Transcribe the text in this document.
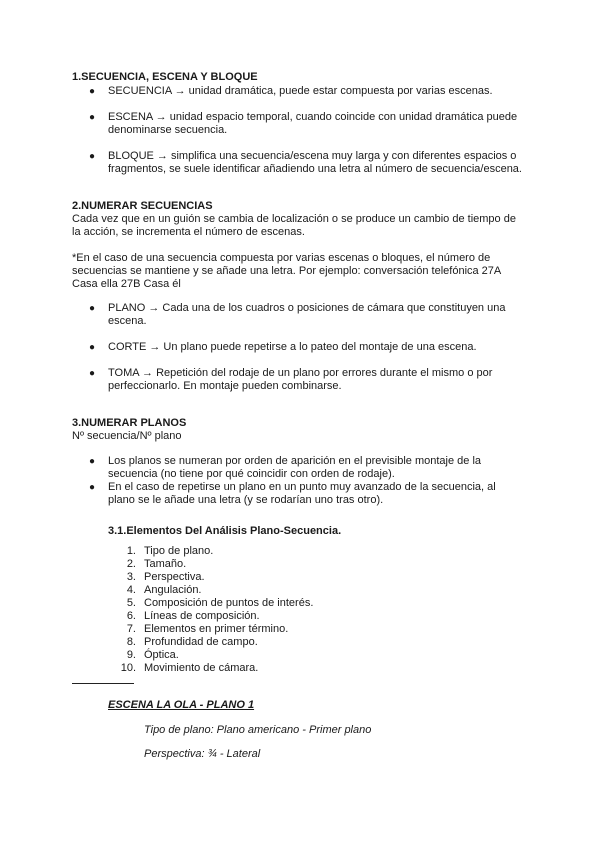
1.SECUENCIA, ESCENA Y BLOQUE
● SECUENCIA → unidad dramática, puede estar compuesta por varias escenas.
● ESCENA → unidad espacio temporal, cuando coincide con unidad dramática puede
denominarse secuencia.
● BLOQUE → simplifica una secuencia/escena muy larga y con diferentes espacios o
fragmentos, se suele identificar añadiendo una letra al número de secuencia/escena.
2.NUMERAR SECUENCIAS
Cada vez que en un guión se cambia de localización o se produce un cambio de tiempo de
la acción, se incrementa el número de escenas.
*En el caso de una secuencia compuesta por varias escenas o bloques, el número de
secuencias se mantiene y se añade una letra. Por ejemplo: conversación telefónica 27A
Casa ella 27B Casa él
● PLANO → Cada una de los cuadros o posiciones de cámara que constituyen una
escena.
● CORTE → Un plano puede repetirse a lo pateo del montaje de una escena.
● TOMA → Repetición del rodaje de un plano por errores durante el mismo o por
perfeccionarlo. En montaje pueden combinarse.
3.NUMERAR PLANOS
Nº secuencia/Nº plano
● Los planos se numeran por orden de aparición en el previsible montaje de la
secuencia (no tiene por qué coincidir con orden de rodaje).
● En el caso de repetirse un plano en un punto muy avanzado de la secuencia, al
plano se le añade una letra (y se rodarían uno tras otro).
3.1.Elementos Del Análisis Plano-Secuencia.
1. Tipo de plano.
2. Tamaño.
3. Perspectiva.
4. Angulación.
5. Composición de puntos de interés.
6. Líneas de composición.
7. Elementos en primer término.
8. Profundidad de campo.
9. Óptica.
10. Movimiento de cámara.
ESCENA LA OLA - PLANO 1
Tipo de plano: Plano americano - Primer plano
Perspectiva: ¾ - Lateral
